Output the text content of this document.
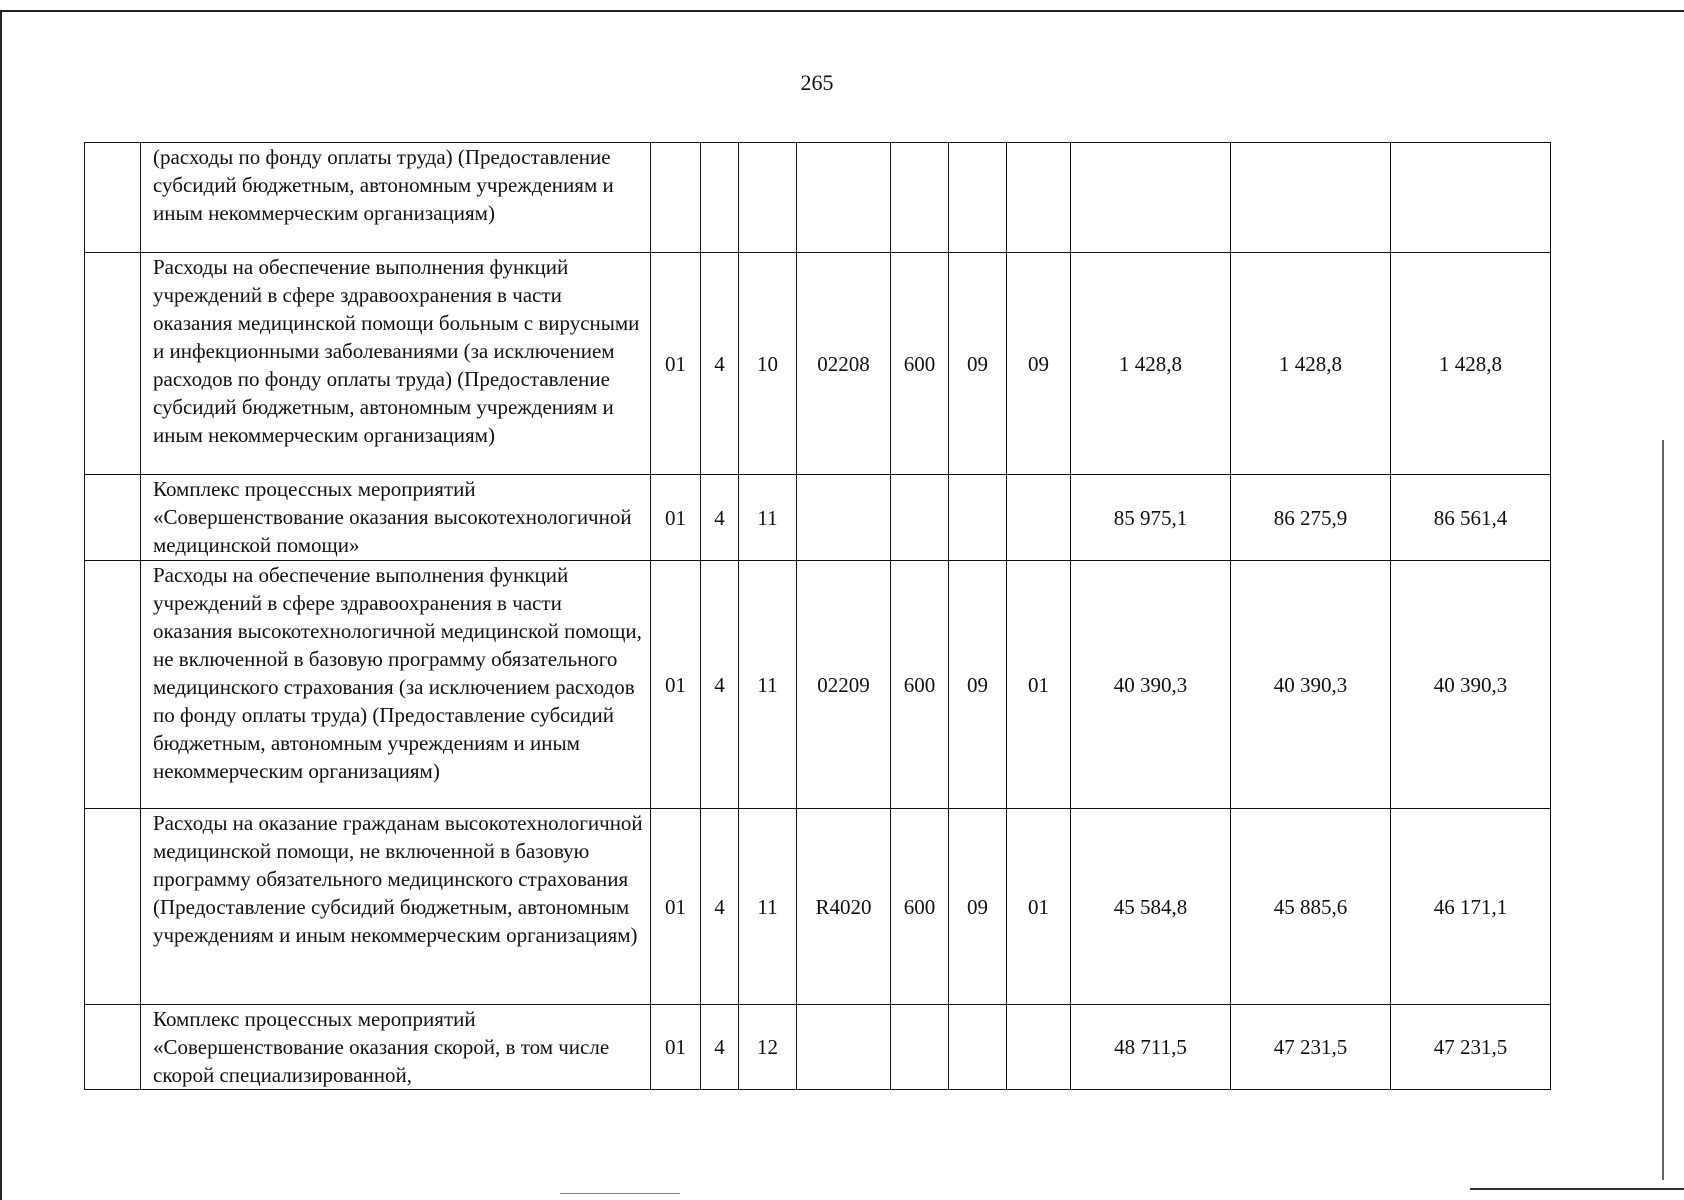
265
	(расходы по фонду оплаты труда) (Предоставление субсидий бюджетным, автономным учреждениям и иным некоммерческим организациям)										
	Расходы на обеспечение выполнения функций учреждений в сфере здравоохранения в части оказания медицинской помощи больным с вирусными и инфекционными заболеваниями (за исключением расходов по фонду оплаты труда) (Предоставление субсидий бюджетным, автономным учреждениям и иным некоммерческим организациям)	01	4	10	02208	600	09	09	1 428,8	1 428,8	1 428,8
	Комплекс процессных мероприятий «Совершенствование оказания высокотехнологичной медицинской помощи»	01	4	11					85 975,1	86 275,9	86 561,4
	Расходы на обеспечение выполнения функций учреждений в сфере здравоохранения в части оказания высокотехнологичной медицинской помощи, не включенной в базовую программу обязательного медицинского страхования (за исключением расходов по фонду оплаты труда) (Предоставление субсидий бюджетным, автономным учреждениям и иным некоммерческим организациям)	01	4	11	02209	600	09	01	40 390,3	40 390,3	40 390,3
	Расходы на оказание гражданам высокотехнологичной медицинской помощи, не включенной в базовую программу обязательного медицинского страхования (Предоставление субсидий бюджетным, автономным учреждениям и иным некоммерческим организациям)	01	4	11	R4020	600	09	01	45 584,8	45 885,6	46 171,1
	Комплекс процессных мероприятий «Совершенствование оказания скорой, в том числе скорой специализированной,	01	4	12					48 711,5	47 231,5	47 231,5
